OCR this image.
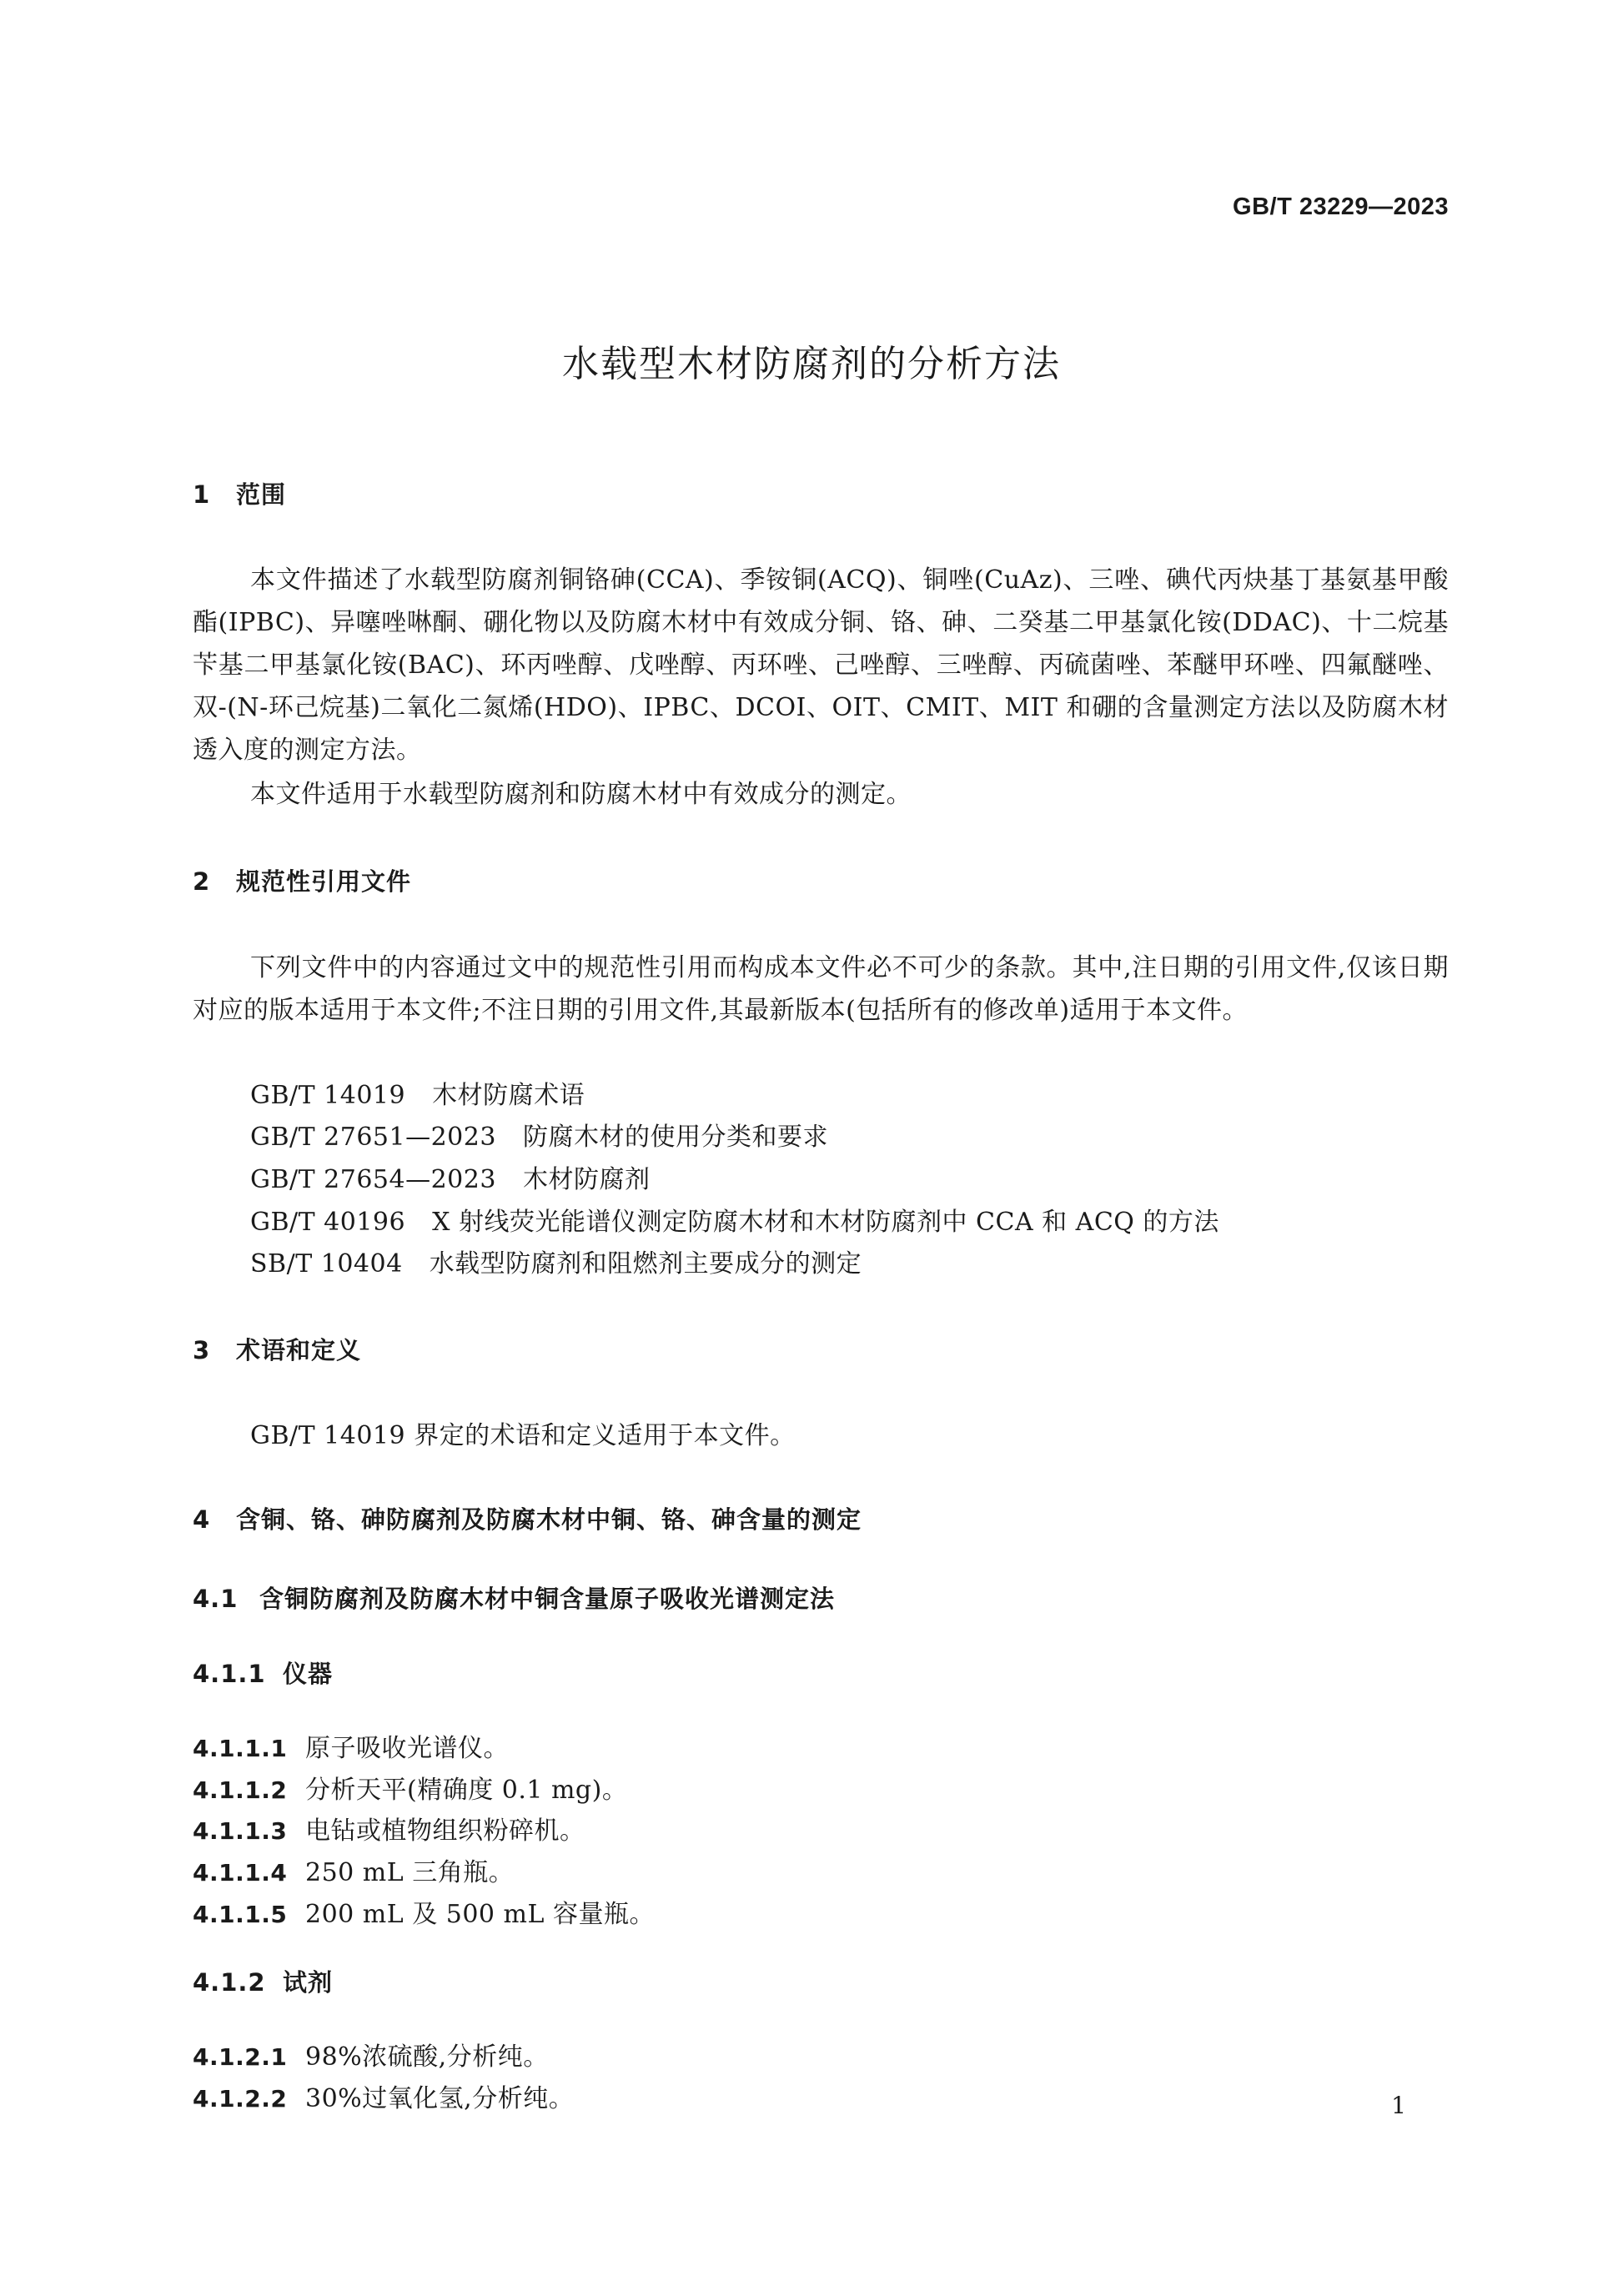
GB/T 23229—2023
水载型木材防腐剂的分析方法
1 范围
本文件描述了水载型防腐剂铜铬砷(CCA)、季铵铜(ACQ)、铜唑(CuAz)、三唑、碘代丙炔基丁基氨基甲酸酯(IPBC)、异噻唑啉酮、硼化物以及防腐木材中有效成分铜、铬、砷、二癸基二甲基氯化铵(DDAC)、十二烷基苄基二甲基氯化铵(BAC)、环丙唑醇、戊唑醇、丙环唑、己唑醇、三唑醇、丙硫菌唑、苯醚甲环唑、四氟醚唑、双-(N-环己烷基)二氧化二氮烯(HDO)、IPBC、DCOI、OIT、CMIT、MIT 和硼的含量测定方法以及防腐木材透入度的测定方法。
本文件适用于水载型防腐剂和防腐木材中有效成分的测定。
2 规范性引用文件
下列文件中的内容通过文中的规范性引用而构成本文件必不可少的条款。其中,注日期的引用文件,仅该日期对应的版本适用于本文件;不注日期的引用文件,其最新版本(包括所有的修改单)适用于本文件。
GB/T 14019 木材防腐术语
GB/T 27651—2023 防腐木材的使用分类和要求
GB/T 27654—2023 木材防腐剂
GB/T 40196 X 射线荧光能谱仪测定防腐木材和木材防腐剂中 CCA 和 ACQ 的方法
SB/T 10404 水载型防腐剂和阻燃剂主要成分的测定
3 术语和定义
GB/T 14019 界定的术语和定义适用于本文件。
4 含铜、铬、砷防腐剂及防腐木材中铜、铬、砷含量的测定
4.1 含铜防腐剂及防腐木材中铜含量原子吸收光谱测定法
4.1.1 仪器
4.1.1.1 原子吸收光谱仪。
4.1.1.2 分析天平(精确度 0.1 mg)。
4.1.1.3 电钻或植物组织粉碎机。
4.1.1.4 250 mL 三角瓶。
4.1.1.5 200 mL 及 500 mL 容量瓶。
4.1.2 试剂
4.1.2.1 98%浓硫酸,分析纯。
4.1.2.2 30%过氧化氢,分析纯。	1
